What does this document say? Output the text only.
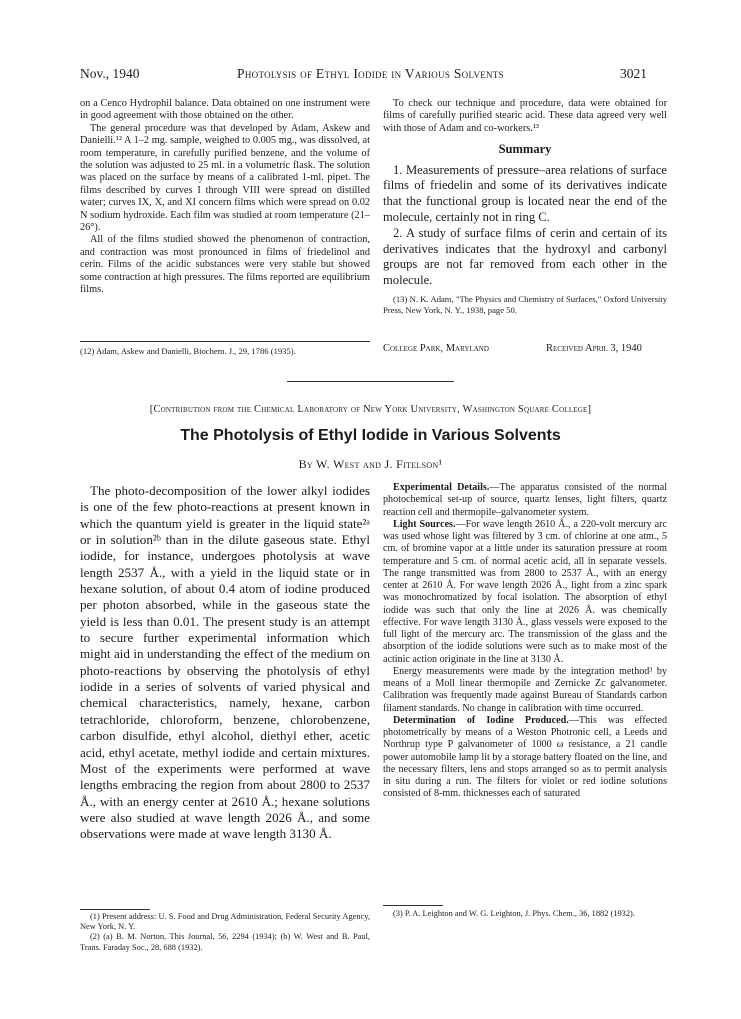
Nov., 1940	Photolysis of Ethyl Iodide in Various Solvents	3021

on a Cenco Hydrophil balance. Data obtained on one instrument were in good agreement with those obtained on the other.

The general procedure was that developed by Adam, Askew and Danielli.¹² A 1–2 mg. sample, weighed to 0.005 mg., was dissolved, at room temperature, in carefully purified benzene, and the volume of the solution was adjusted to 25 ml. in a volumetric flask. The solution was placed on the surface by means of a calibrated 1-ml. pipet. The films described by curves I through VIII were spread on distilled water; curves IX, X, and XI concern films which were spread on 0.02 N sodium hydroxide. Each film was studied at room temperature (21–26°).

All of the films studied showed the phenomenon of contraction, and contraction was most pronounced in films of friedelinol and cerin. Films of the acidic substances were very stable but showed some contraction at high pressures. The films reported are equilibrium films.

(12) Adam, Askew and Danielli, Biochem. J., 29, 1786 (1935).

To check our technique and procedure, data were obtained for films of carefully purified stearic acid. These data agreed very well with those of Adam and co-workers.¹³

Summary

1. Measurements of pressure–area relations of surface films of friedelin and some of its derivatives indicate that the functional group is located near the end of the molecule, certainly not in ring C.

2. A study of surface films of cerin and certain of its derivatives indicates that the hydroxyl and carbonyl groups are not far removed from each other in the molecule.

(13) N. K. Adam, "The Physics and Chemistry of Surfaces," Oxford University Press, New York, N. Y., 1938, page 50.

College Park, Maryland	Received April 3, 1940
[Contribution from the Chemical Laboratory of New York University, Washington Square College]
The Photolysis of Ethyl Iodide in Various Solvents
By W. West and J. Fitelson¹

The photo-decomposition of the lower alkyl iodides is one of the few photo-reactions at present known in which the quantum yield is greater in the liquid state²ᵃ or in solution²ᵇ than in the dilute gaseous state. Ethyl iodide, for instance, undergoes photolysis at wave length 2537 Å., with a yield in the liquid state or in hexane solution, of about 0.4 atom of iodine produced per photon absorbed, while in the gaseous state the yield is less than 0.01. The present study is an attempt to secure further experimental information which might aid in understanding the effect of the medium on photo-reactions by observing the photolysis of ethyl iodide in a series of solvents of varied physical and chemical characteristics, namely, hexane, carbon tetrachloride, chloroform, benzene, chlorobenzene, carbon disulfide, ethyl alcohol, diethyl ether, acetic acid, ethyl acetate, methyl iodide and certain mixtures. Most of the experiments were performed at wave lengths embracing the region from about 2800 to 2537 Å., with an energy center at 2610 Å.; hexane solutions were also studied at wave length 2026 Å., and some observations were made at wave length 3130 Å.

(1) Present address: U. S. Food and Drug Administration, Federal Security Agency, New York, N. Y.
(2) (a) B. M. Norton, This Journal, 56, 2294 (1934); (b) W. West and B. Paul, Trans. Faraday Soc., 28, 688 (1932).

Experimental Details.—The apparatus consisted of the normal photochemical set-up of source, quartz lenses, light filters, quartz reaction cell and thermopile–galvanometer system.

Light Sources.—For wave length 2610 Å., a 220-volt mercury arc was used whose light was filtered by 3 cm. of chlorine at one atm., 5 cm. of bromine vapor at a little under its saturation pressure at room temperature and 5 cm. of normal acetic acid, all in separate vessels. The range transmitted was from 2800 to 2537 Å., with an energy center at 2610 Å. For wave length 2026 Å., light from a zinc spark was monochromatized by focal isolation. The absorption of ethyl iodide was such that only the line at 2026 Å. was chemically effective. For wave length 3130 Å., glass vessels were exposed to the full light of the mercury arc. The transmission of the glass and the absorption of the iodide solutions were such as to make most of the actinic action originate in the line at 3130 Å.

Energy measurements were made by the integration method³ by means of a Moll linear thermopile and Zernicke Zc galvanometer. Calibration was frequently made against Bureau of Standards carbon filament standards. No change in calibration with time occurred.

Determination of Iodine Produced.—This was effected photometrically by means of a Weston Photronic cell, a Leeds and Northrup type P galvanometer of 1000 ω resistance, a 21 candle power automobile lamp lit by a storage battery floated on the line, and the necessary filters, lens and stops arranged so as to permit analysis in situ during a run. The filters for violet or red iodine solutions consisted of 8-mm. thicknesses each of saturated

(3) P. A. Leighton and W. G. Leighton, J. Phys. Chem., 36, 1882 (1932).
